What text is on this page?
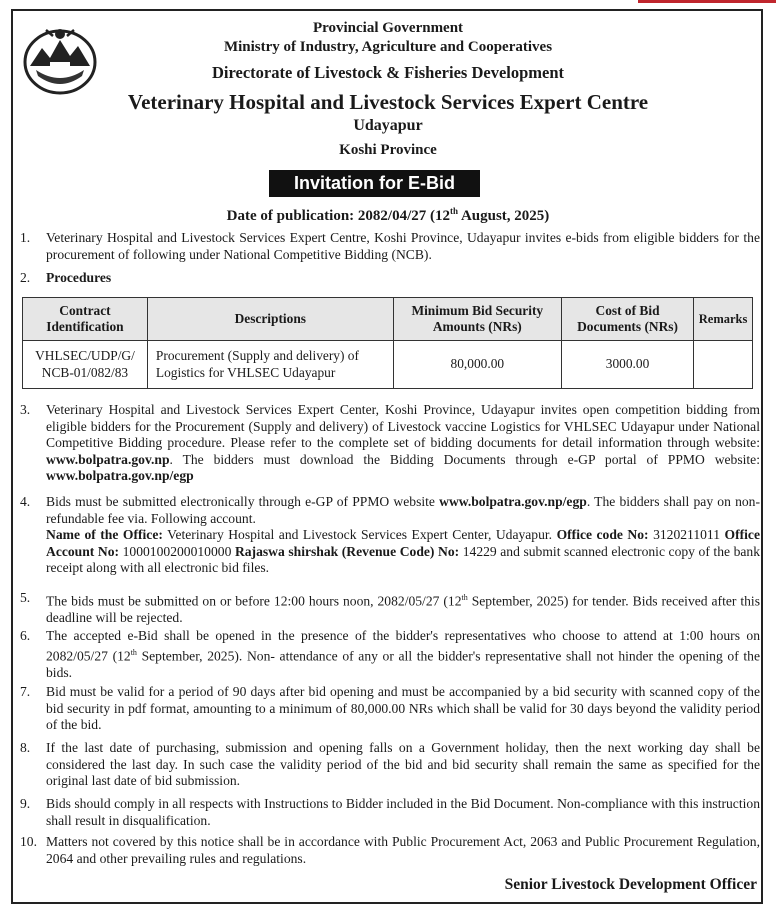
Provincial Government
Ministry of Industry, Agriculture and Cooperatives
Directorate of Livestock & Fisheries Development
Veterinary Hospital and Livestock Services Expert Centre
Udayapur
Koshi Province
Invitation for E-Bid
Date of publication: 2082/04/27 (12th August, 2025)
1. Veterinary Hospital and Livestock Services Expert Centre, Koshi Province, Udayapur invites e-bids from eligible bidders for the procurement of following under National Competitive Bidding (NCB).
2. Procedures
Contract Identification	Descriptions	Minimum Bid Security Amounts (NRs)	Cost of Bid Documents (NRs)	Remarks
VHLSEC/UDP/G/ NCB-01/082/83	Procurement (Supply and delivery) of Logistics for VHLSEC Udayapur	80,000.00	3000.00	
3. Veterinary Hospital and Livestock Services Expert Center, Koshi Province, Udayapur invites open competition bidding from eligible bidders for the Procurement (Supply and delivery) of Livestock vaccine Logistics for VHLSEC Udayapur under National Competitive Bidding procedure. Please refer to the complete set of bidding documents for detail information through website: www.bolpatra.gov.np. The bidders must download the Bidding Documents through e-GP portal of PPMO website: www.bolpatra.gov.np/egp
4. Bids must be submitted electronically through e-GP of PPMO website www.bolpatra.gov.np/egp. The bidders shall pay on non-refundable fee via. Following account.
Name of the Office: Veterinary Hospital and Livestock Services Expert Center, Udayapur. Office code No: 3120211011 Office Account No: 1000100200010000 Rajaswa shirshak (Revenue Code) No: 14229 and submit scanned electronic copy of the bank receipt along with all electronic bid files.
5. The bids must be submitted on or before 12:00 hours noon, 2082/05/27 (12th September, 2025) for tender. Bids received after this deadline will be rejected.
6. The accepted e-Bid shall be opened in the presence of the bidder's representatives who choose to attend at 1:00 hours on 2082/05/27 (12th September, 2025). Non- attendance of any or all the bidder's representative shall not hinder the opening of the bids.
7. Bid must be valid for a period of 90 days after bid opening and must be accompanied by a bid security with scanned copy of the bid security in pdf format, amounting to a minimum of 80,000.00 NRs which shall be valid for 30 days beyond the validity period of the bid.
8. If the last date of purchasing, submission and opening falls on a Government holiday, then the next working day shall be considered the last day. In such case the validity period of the bid and bid security shall remain the same as specified for the original last date of bid submission.
9. Bids should comply in all respects with Instructions to Bidder included in the Bid Document. Non-compliance with this instruction shall result in disqualification.
10. Matters not covered by this notice shall be in accordance with Public Procurement Act, 2063 and Public Procurement Regulation, 2064 and other prevailing rules and regulations.
Senior Livestock Development Officer
